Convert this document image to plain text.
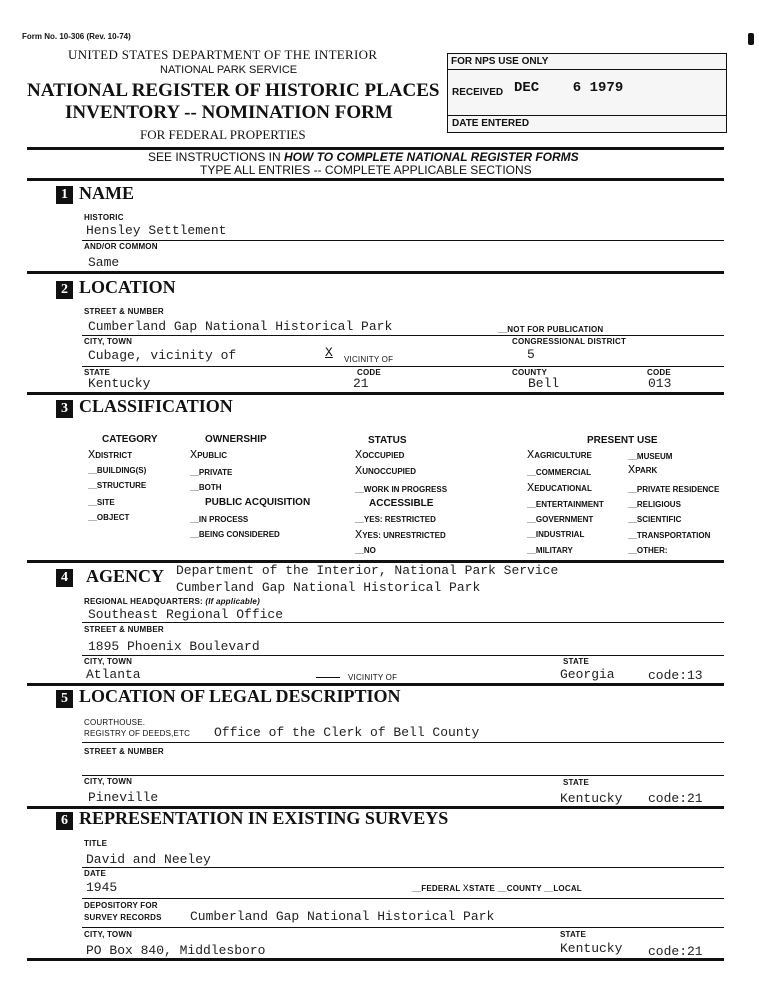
Form No. 10-306 (Rev. 10-74)
UNITED STATES DEPARTMENT OF THE INTERIOR
NATIONAL PARK SERVICE
NATIONAL REGISTER OF HISTORIC PLACES
INVENTORY -- NOMINATION FORM
FOR FEDERAL PROPERTIES
FOR NPS USE ONLY
RECEIVED DEC    6 1979
DATE ENTERED
SEE INSTRUCTIONS IN HOW TO COMPLETE NATIONAL REGISTER FORMS
TYPE ALL ENTRIES -- COMPLETE APPLICABLE SECTIONS
1 NAME
HISTORIC
Hensley Settlement
AND/OR COMMON
Same
2 LOCATION
STREET & NUMBER
Cumberland Gap National Historical Park	__NOT FOR PUBLICATION
CITY, TOWN
Cubage, vicinity of	X VICINITY OF
CONGRESSIONAL DISTRICT
5
STATE
Kentucky
CODE
21
COUNTY
Bell
CODE
013
3 CLASSIFICATION
CATEGORY	OWNERSHIP	STATUS	PRESENT USE
PUBLIC ACQUISITION	ACCESSIBLE
XDISTRICT
__BUILDING(S)
__STRUCTURE
__SITE
__OBJECT
XPUBLIC
__PRIVATE
__BOTH
__IN PROCESS
__BEING CONSIDERED
XOCCUPIED
XUNOCCUPIED
__WORK IN PROGRESS
__YES: RESTRICTED
XYES: UNRESTRICTED
__NO
XAGRICULTURE
__COMMERCIAL
XEDUCATIONAL
__ENTERTAINMENT
__GOVERNMENT
__INDUSTRIAL
__MILITARY
__MUSEUM
XPARK
__PRIVATE RESIDENCE
__RELIGIOUS
__SCIENTIFIC
__TRANSPORTATION
__OTHER:
4 AGENCY Department of the Interior, National Park Service
Cumberland Gap National Historical Park
REGIONAL HEADQUARTERS: (If applicable)
Southeast Regional Office
STREET & NUMBER
1895 Phoenix Boulevard
CITY, TOWN
Atlanta	VICINITY OF
STATE
Georgia	code:13
5 LOCATION OF LEGAL DESCRIPTION
COURTHOUSE.
REGISTRY OF DEEDS,ETC Office of the Clerk of Bell County
STREET & NUMBER
CITY, TOWN
Pineville
STATE
Kentucky code:21
6 REPRESENTATION IN EXISTING SURVEYS
TITLE
David and Neeley
DATE
1945	__FEDERAL XSTATE __COUNTY __LOCAL
DEPOSITORY FOR
SURVEY RECORDS Cumberland Gap National Historical Park
CITY, TOWN
PO Box 840, Middlesboro
STATE
Kentucky code:21
